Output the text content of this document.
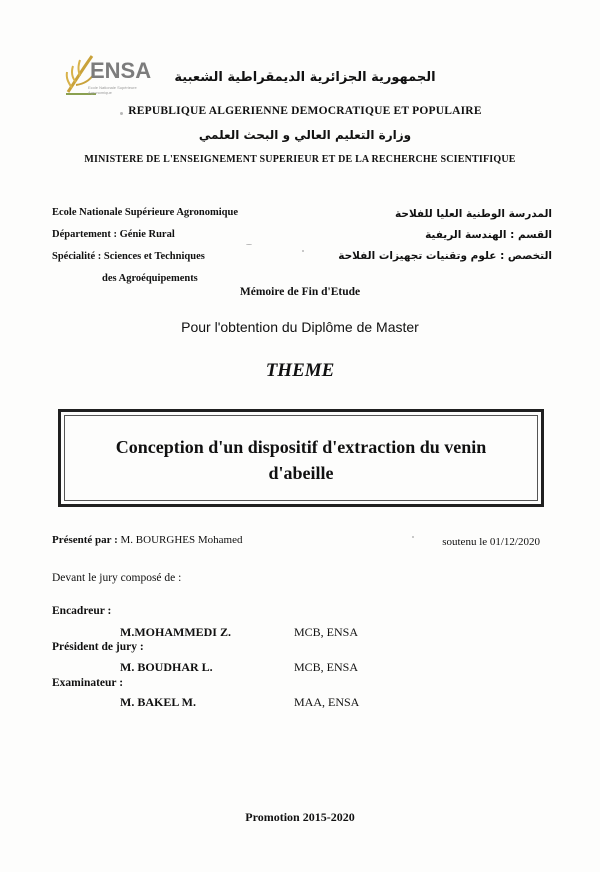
ENSA
Ecole Nationale Supérieure Agronomique
الجمهورية الجزائرية الديمقراطية الشعبية
REPUBLIQUE ALGERIENNE DEMOCRATIQUE ET POPULAIRE
وزارة التعليم العالي و البحث العلمي
MINISTERE DE L'ENSEIGNEMENT SUPERIEUR ET DE LA RECHERCHE SCIENTIFIQUE
Ecole Nationale Supérieure Agronomique
Département : Génie Rural
Spécialité : Sciences et Techniques
des Agroéquipements
المدرسة الوطنية العليا للفلاحة
القسم : الهندسة الريفية
التخصص : علوم وتقنيات تجهيزات الفلاحة
Mémoire de Fin d'Etude
Pour l'obtention du Diplôme de Master
THEME
Conception d'un dispositif d'extraction du venin d'abeille
Présenté par : M. BOURGHES Mohamed	soutenu le 01/12/2020
Devant le jury composé de :
Encadreur :
M.MOHAMMEDI Z.	MCB, ENSA
Président de jury :
M. BOUDHAR L.	MCB, ENSA
Examinateur :
M. BAKEL M.	MAA, ENSA
Promotion 2015-2020
